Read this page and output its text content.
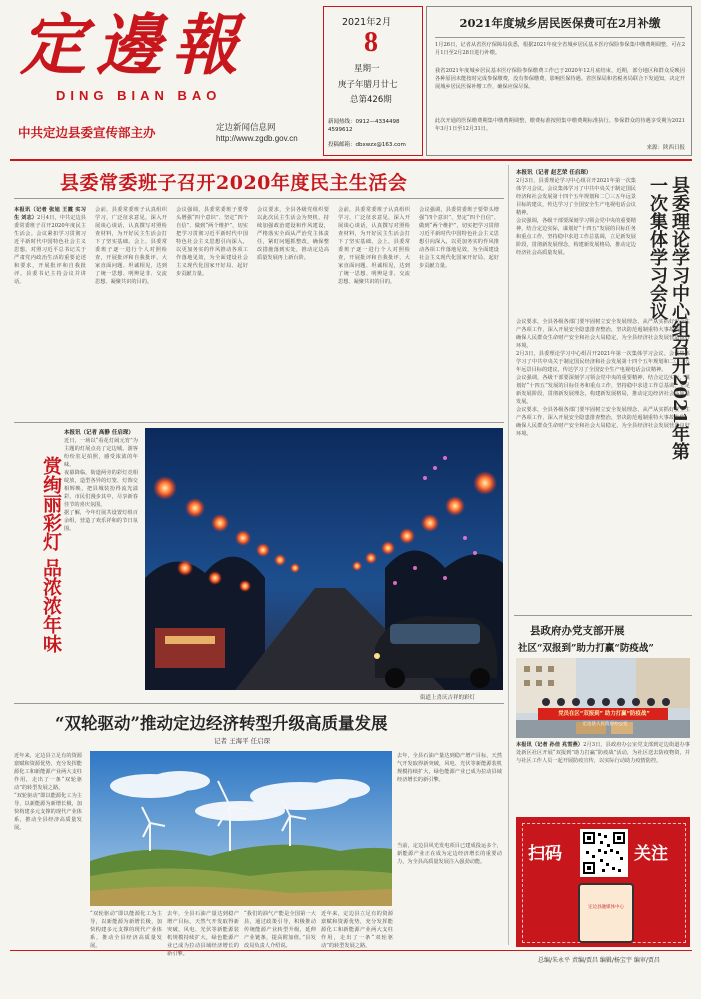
定邊報
DING BIAN BAO
中共定边县委宣传部主办	定边新闻信息网
http://www.zgdb.gov.cn
2021年2月
8
星期一
庚子年腊月廿七
总第426期
新闻热线：0912—4334498 4599612
投稿邮箱：dbxwzx@163.com
2021年度城乡居民医保费可在2月补缴
1月26日，记者从省医疗保障局获悉，根据2021年度全省城乡居民基本医疗保险参保集中缴费期调整，可在2月1日至2月28日进行补缴。
我省2021年度城乡居民基本医疗保险参保缴费工作已于2020年12月底结束，近期，部分地区和群众反映因各种原因未能按时完成参保缴费，没有参保缴费，影响医保待遇。省医保局和省税务局联合下发通知，决定开展城乡居民医保补缴工作，确保应保尽保。
此次开通的医保缴费期集中缴费期调整，缴费标准按照集中缴费期标准执行。参保群众的待遇享受期为2021年3月1日至12月31日。
来源：陕西日报
县委常委班子召开2020年度民主生活会
本报讯（记者 张旭 王霞 实习生 刘志）2月4日，中共定边县委常委班子召开2020年度民主生活会。会议紧扣学习贯彻习近平新时代中国特色社会主义思想，对照习近平总书记关于严肃党内政治生活的重要论述和要求，开展批评和自我批评。县委书记主持会议并讲话。
会前，县委常委班子认真组织学习，广泛征求意见，深入开展谈心谈话，认真撰写对照检查材料，为开好民主生活会打下了坚实基础。会上，县委常委班子逐一进行个人对照检查，开展批评和自我批评，大家直面问题、坦诚相见，达到了统一思想、明辨是非、交流思想、凝聚共识的目的。
会议强调，县委常委班子要带头增强“四个意识”、坚定“四个自信”、做到“两个维护”，切实把学习贯彻习近平新时代中国特色社会主义思想引向深入，以更加务实的作风推动各项工作落地见效，为全面建设社会主义现代化国家开好局、起好步贡献力量。
会议要求，全县各级党组织要以此次民主生活会为契机，持续加强政治建设和作风建设，严格落实全面从严治党主体责任，紧盯问题抓整改，确保整改措施落到实处，推动定边高质量发展再上新台阶。
会前，县委常委班子认真组织学习，广泛征求意见，深入开展谈心谈话，认真撰写对照检查材料，为开好民主生活会打下了坚实基础。会上，县委常委班子逐一进行个人对照检查，开展批评和自我批评，大家直面问题、坦诚相见，达到了统一思想、明辨是非、交流思想、凝聚共识的目的。
会议强调，县委常委班子要带头增强“四个意识”、坚定“四个自信”、做到“两个维护”，切实把学习贯彻习近平新时代中国特色社会主义思想引向深入，以更加务实的作风推动各项工作落地见效，为全面建设社会主义现代化国家开好局、起好步贡献力量。
本报讯（记者 赵艺荣 任启琛）
2月3日，县委理论学习中心组召开2021年第一次集体学习会议。会议集体学习了中共中央关于制定国民经济和社会发展第十四个五年规划和二〇三五年远景目标的建议，传达学习了全国安全生产电视电话会议精神。
会议强调，各级干部要深刻学习领会党中央的重要精神，结合定边实际，谋划好“十四五”发展的目标任务和重点工作，坚持稳中求进工作总基调，立足新发展阶段，贯彻新发展理念，构建新发展格局，推动定边经济社会高质量发展。	县委理论学习中心组召开2021年第一次集体学习会议
会议要求，全县各级各部门要牢固树立安全发展理念，从严从实抓好安全生产各项工作，深入开展安全隐患排查整治，坚决防范遏制重特大事故发生，确保人民群众生命财产安全和社会大局稳定，为全县经济社会发展营造良好环境。
2月3日，县委理论学习中心组召开2021年第一次集体学习会议。会议集体学习了中共中央关于制定国民经济和社会发展第十四个五年规划和二〇三五年远景目标的建议，传达学习了全国安全生产电视电话会议精神。
会议强调，各级干部要深刻学习领会党中央的重要精神，结合定边实际，谋划好“十四五”发展的目标任务和重点工作，坚持稳中求进工作总基调，立足新发展阶段，贯彻新发展理念，构建新发展格局，推动定边经济社会高质量发展。
会议要求，全县各级各部门要牢固树立安全发展理念，从严从实抓好安全生产各项工作，深入开展安全隐患排查整治，坚决防范遏制重特大事故发生，确保人民群众生命财产安全和社会大局稳定，为全县经济社会发展营造良好环境。
赏绚丽彩灯 品浓浓年味
本报讯（记者 高静 任启琛）
近日，一场以“看花灯闹元宵”为主题的灯展点亮了定边城，游客纷纷驻足拍照，感受浓浓的年味。
夜幕降临，街道两旁的彩灯竞相绽放，造型各异的灯笼、灯饰交相辉映，把县城装扮得流光溢彩，市民们漫步其中，尽享新春佳节的喜庆氛围。
据了解，今年灯展共设置灯组百余组，营造了欢乐祥和的节日氛围。
街道上喜庆吉祥的彩灯
“双轮驱动”推动定边经济转型升级高质量发展
记者 王海平 任启琛
近年来，定边县立足有的资源禀赋和资源优势，充分发挥能源化工和新能源产业两大支柱作用，走出了一条“双轮驱动”的转型发展之路。
“双轮驱动”即以能源化工为主导，以新能源为新增长极，加快构建多元支撑的现代产业体系，推动全县经济高质量发展。
去年，全县石油产量达到稳产增产目标，天然气开发取得新突破，风电、光伏等新能源装机规模持续扩大，绿色能源产业已成为拉动县域经济增长的新引擎。
当前，定边县风光发电项目已建成投运多个，新能源产业正在成为定边经济增长的重要动力，为全县高质量发展注入强劲动能。
“双轮驱动”即以能源化工为主导，以新能源为新增长极，加快构建多元支撑的现代产业体系，推动全县经济高质量发展。
去年，全县石油产量达到稳产增产目标，天然气开发取得新突破，风电、光伏等新能源装机规模持续扩大，绿色能源产业已成为拉动县域经济增长的新引擎。
“我们的油气产能是全国第一大县，通过政策引导，积极推动传统能源产业转型升级，延伸产业链条，提高附加值。”县发改局负责人介绍说。
近年来，定边县立足有的资源禀赋和资源优势，充分发挥能源化工和新能源产业两大支柱作用，走出了一条“双轮驱动”的转型发展之路。
县政府办党支部开展
社区“双报到”助力打赢“防疫战”
党员在区“双报到” 助力打赢“防疫战”
定边县人民政府办公室
本报讯（记者 孙佳 兆雪燕）2月3日，县政府办公室党支部到定边街道办事处新区社区开展“双报到”助力打赢“防疫战”活动，为社区送去防疫物资，并与社区工作人员一起开展防疫宣传，以实际行动助力疫情防控。
扫码	关注
定边县融媒体中心
总编/朱永平 责编/贾昌 编辑/杨宝宇 编审/贾昌
